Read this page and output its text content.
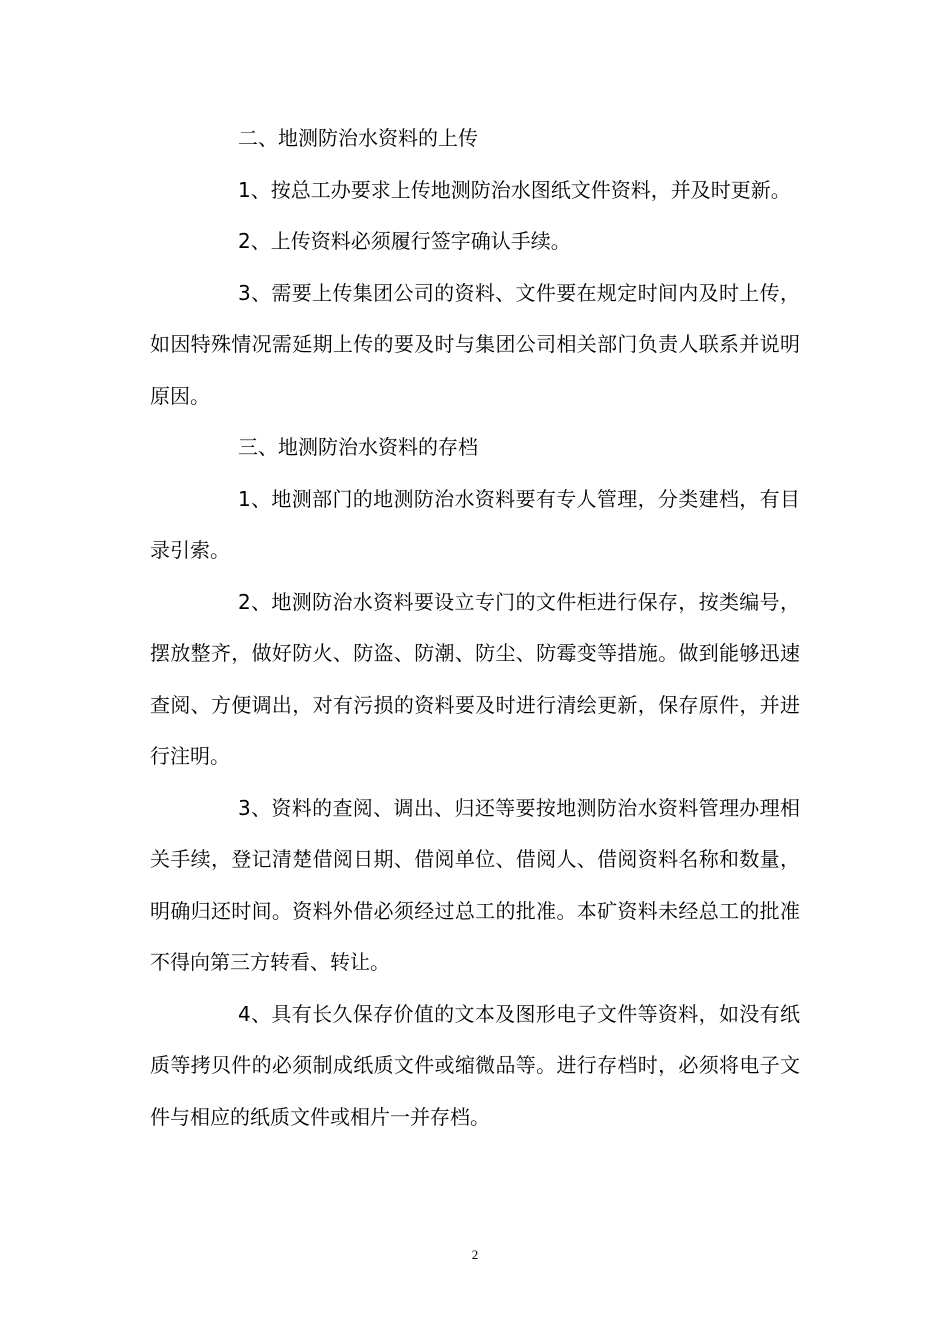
二、地测防治水资料的上传

1、按总工办要求上传地测防治水图纸文件资料，并及时更新。

2、上传资料必须履行签字确认手续。

3、需要上传集团公司的资料、文件要在规定时间内及时上传，如因特殊情况需延期上传的要及时与集团公司相关部门负责人联系并说明原因。

三、地测防治水资料的存档

1、地测部门的地测防治水资料要有专人管理，分类建档，有目录引索。

2、地测防治水资料要设立专门的文件柜进行保存，按类编号，摆放整齐，做好防火、防盗、防潮、防尘、防霉变等措施。做到能够迅速查阅、方便调出，对有污损的资料要及时进行清绘更新，保存原件，并进行注明。

3、资料的查阅、调出、归还等要按地测防治水资料管理办理相关手续，登记清楚借阅日期、借阅单位、借阅人、借阅资料名称和数量，明确归还时间。资料外借必须经过总工的批准。本矿资料未经总工的批准不得向第三方转看、转让。

4、具有长久保存价值的文本及图形电子文件等资料，如没有纸质等拷贝件的必须制成纸质文件或缩微品等。进行存档时，必须将电子文件与相应的纸质文件或相片一并存档。

2
